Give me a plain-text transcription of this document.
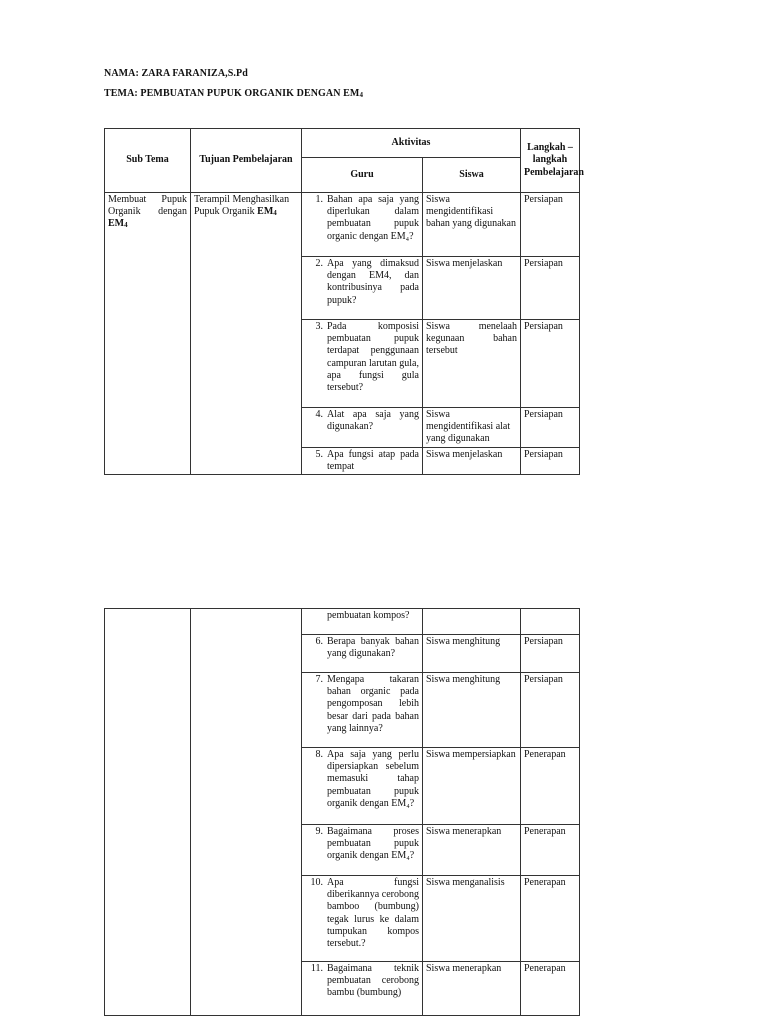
NAMA: ZARA FARANIZA,S.Pd
TEMA: PEMBUATAN PUPUK ORGANIK DENGAN $EM_4$
Sub Tema	Tujuan Pembelajaran	Aktivitas		Langkah – langkah Pembelajaran
		Guru	Siswa	
Membuat Pupuk Organik dengan EM4	Terampil Menghasilkan Pupuk Organik EM4	1. Bahan apa saja yang diperlukan dalam pembuatan pupuk organic dengan EM₄?	Siswa mengidentifikasi bahan yang digunakan	Persiapan

		2. Apa yang dimaksud dengan EM4, dan kontribusinya pada pupuk?	Siswa menjelaskan	Persiapan

		3. Pada komposisi pembuatan pupuk terdapat penggunaan campuran larutan gula, apa fungsi gula tersebut?	Siswa menelaah kegunaan bahan tersebut	Persiapan

		4. Alat apa saja yang digunakan?	Siswa mengidentifikasi alat yang digunakan	Persiapan

		5. Apa fungsi atap pada tempat	Siswa menjelaskan	Persiapan

		pembuatan kompos?		

		6. Berapa banyak bahan yang digunakan?	Siswa menghitung	Persiapan

		7. Mengapa takaran bahan organic pada pengomposan lebih besar dari pada bahan yang lainnya?	Siswa menghitung	Persiapan

		8. Apa saja yang perlu dipersiapkan sebelum memasuki tahap pembuatan pupuk organik dengan EM₄?	Siswa mempersiapkan	Penerapan

		9. Bagaimana proses pembuatan pupuk organik dengan EM₄?	Siswa menerapkan	Penerapan

		10. Apa fungsi diberikannya cerobong bamboo (bumbung) tegak lurus ke dalam tumpukan kompos tersebut.?	Siswa menganalisis	Penerapan

		11. Bagaimana teknik pembuatan cerobong bambu (bumbung)	Siswa menerapkan	Penerapan
